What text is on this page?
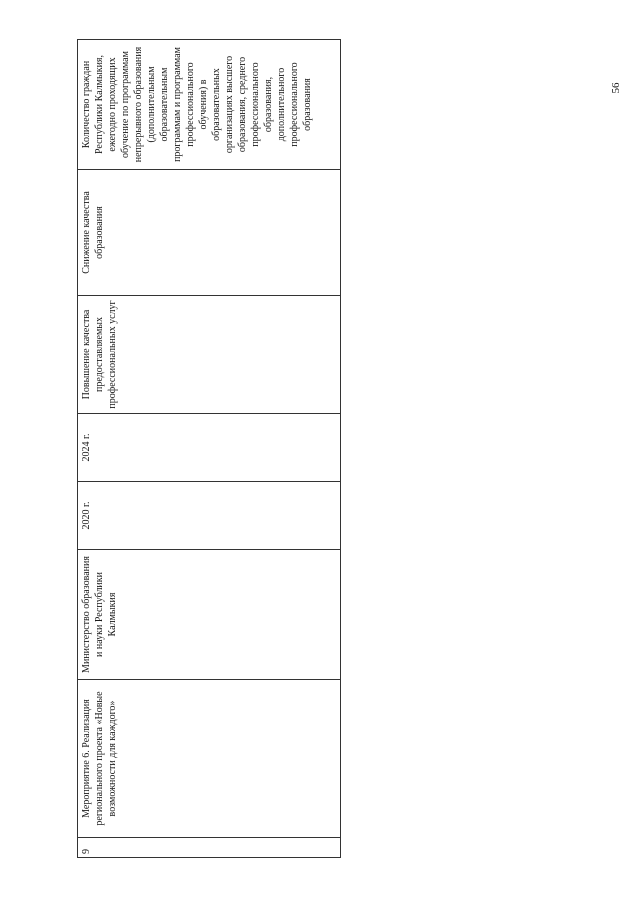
56
9	Мероприятие 6. Реализация регионального проекта «Новые возможности для каждого»	Министерство образования и науки Республики Калмыкия	2020 г.	2024 г.	Повышение качества предоставляемых профессиональных услуг	Снижение качества образования	Количество граждан Республики Калмыкия, ежегодно проходящих обучение по программам непрерывного образования (дополнительным образовательным программам и программам профессионального обучения) в образовательных организациях высшего образования, среднего профессионального образования, дополнительного профессионального образования
